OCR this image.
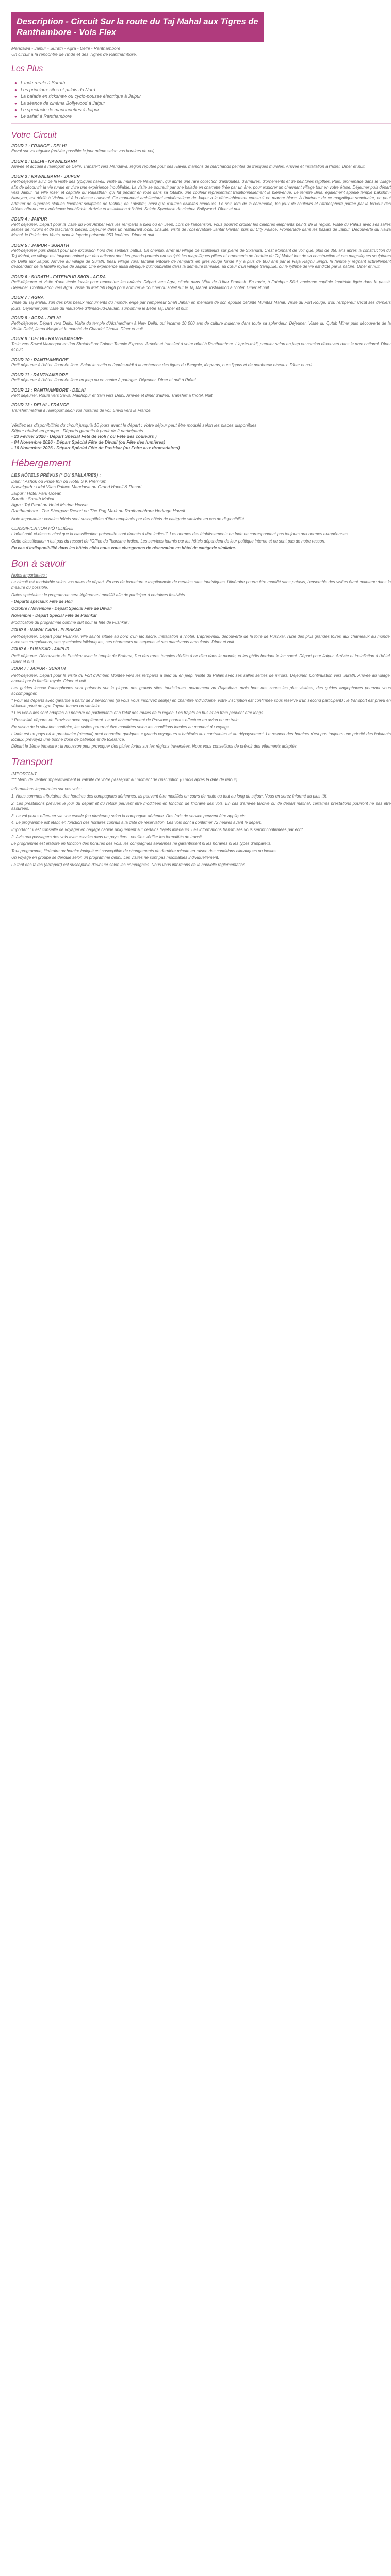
Description - Circuit Sur la route du Taj Mahal aux Tigres de
Ranthambore - Vols Flex
Mandawa - Jaipur - Surath - Agra - Delhi - Ranthambore
Un circuit à la rencontre de l'Inde et des Tigres de Ranthambore.
Les Plus
● L'Inde rurale à Surath
● Les princiaux sites et palais du Nord
● La balade en rickshaw ou cyclo-pousse électrique à Jaipur
● La séance de cinéma Bollywood à Jaipur
● Le spectacle de marionnettes à Jaipur
● Le safari à Ranthambore
Votre Circuit
JOUR 1 : FRANCE - DELHI

Envol sur vol régulier (arrivée possible le jour même selon vos horaires de vol).

JOUR 2 : DELHI - NAWALGARH

Arrivée et accueil à l'aéroport de Delhi. Transfert vers Mandawa, région réputée pour ses Haveli, maisons de marchands peintes de fresques murales. Arrivée et installation à l'hôtel. Dîner et nuit.

JOUR 3 : NAWALGARH - JAIPUR

Petit-déjeuner suivi de la visite des typiques haveli. Visite du musée de Nawalgarh, qui abrite une rare collection d'antiquités, d'armures, d'ornements et de peintures rajpthes. Puis, promenade dans le village afin de découvrir la vie rurale et vivre une expérience inoubliable. La visite se poursuit par une balade en charrette tirée par un âne, pour explorer un charmant village tout en votre étape. Déjeuner puis départ vers Jaipur, "la ville rose" et capitale du Rajasthan, qui fut pedant en rose dans sa totalité, une couleur représentant traditionnellement la bienvenue. Le temple Birla, également appelé temple Lakshmi-Narayan, est dédié à Vishnu et à la déesse Lakshmi. Ce monument architectural emblématique de Jaipur a la détestablement construit en marbre blanc. À l'intérieur de ce magnifique sanctuaire, on peut admirer de superbes statues finement sculptées de Vishnu, de Lakshmi, ainsi que d'autres divinités hindoues. Le soir, lors de la cérémonie, les jeux de couleurs et l'atmosphère portée par la ferveur des fidèles offrent une expérience inoubliable. Arrivée et installation à l'hôtel. Soirée Spectacle de cinéma Bollywood. Dîner et nuit.

JOUR 4 : JAIPUR

Petit déjeuner. Départ pour la visite du Fort Amber vers les remparts à pied ou en Jeep. Lors de l'ascension, vous pourrez croiser les célèbres éléphants peints de la région. Visite du Palais avec ses salles serties de miroirs et de fascinants pièces. Déjeuner dans un restaurant local. Ensuite, visite de l'observatoire Jantar Mantar, puis du City Palace. Promenade dans les bazars de Jaipur. Découverte du Hawa Mahal, le Palais des Vents, dont la façade présente 953 fenêtres. Dîner et nuit.

JOUR 5 : JAIPUR - SURATH

Petit-déjeuner puis départ pour une excursion hors des sentiers battus. En chemin, arrêt au village de sculpteurs sur pierre de Sikandra. C'est étonnant de voir que, plus de 350 ans après la construction du Taj Mahal, ce village est toujours animé par des artisans dont les grands-parents ont sculpté les magnifiques piliers et ornements de l'entrée du Taj Mahal lors de sa construction et ces magnifiques sculptures de Delhi aux Jaïpur. Arrivée au village de Surath, beau village rural familial entouré de remparts en grès rouge fondé il y a plus de 800 ans par le Raja Raghu Singh, la famille y régnant actuellement descendant de la famille royale de Jaipur. Une expérience aussi atypique qu'inoubliable dans la demeure familiale, au cœur d'un village tranquille, où le rythme de vie est dicté par la nature. Dîner et nuit.

JOUR 6 : SURATH - FATEHPUR SIKRI - AGRA

Petit-déjeuner et visite d'une école locale pour rencontrer les enfants. Départ vers Agra, située dans l'État de l'Uttar Pradesh. En route, à Fatehpur Sikri, ancienne capitale impériale figée dans le passé. Déjeuner. Continuation vers Agra. Visite du Mehtab Bagh pour admirer le coucher du soleil sur le Taj Mahal. Installation à l'hôtel. Dîner et nuit.

JOUR 7 : AGRA

Visite du Taj Mahal, l'un des plus beaux monuments du monde, érigé par l'empereur Shah Jahan en mémoire de son épouse défunte Mumtaz Mahal. Visite du Fort Rouge, d'où l'empereur vécut ses derniers jours. Déjeuner puis visite du mausolée d'Itimad-ud-Daulah, surnommé le Bébé Taj. Dîner et nuit.

JOUR 8 : AGRA - DELHI

Petit-déjeuner. Départ vers Delhi. Visite du temple d'Akshardham à New Delhi, qui incarne 10 000 ans de culture indienne dans toute sa splendeur. Déjeuner. Visite du Qutub Minar puis découverte de la Vieille Delhi, Jama Masjid et le marché de Chandni Chowk. Dîner et nuit.

JOUR 9 : DELHI - RANTHAMBORE

Train vers Sawai Madhopur en Jan Shatabdi ou Golden Temple Express. Arrivée et transfert à votre hôtel à Ranthambore. L'après-midi, premier safari en jeep ou camion découvert dans le parc national. Dîner et nuit.

JOUR 10 : RANTHAMBORE

Petit déjeuner à l'hôtel. Journée libre. Safari le matin et l'après-midi à la recherche des tigres du Bengale, léopards, ours lippus et de nombreux oiseaux. Dîner et nuit.

JOUR 11 : RANTHAMBORE

Petit déjeuner à l'hôtel. Journée libre en jeep ou en canter à partager. Déjeuner. Dîner et nuit à l'hôtel.

JOUR 12 : RANTHAMBORE - DELHI

Petit déjeuner. Route vers Sawai Madhopur et train vers Delhi. Arrivée et dîner d'adieu. Transfert à l'hôtel. Nuit.

JOUR 13 : DELHI - FRANCE

Transfert matinal à l'aéroport selon vos horaires de vol. Envol vers la France.

Vérifiez les disponibilités du circuit jusqu'à 10 jours avant le départ : Votre séjour peut être modulé selon les places disponibles.

Séjour réalisé en groupe : Départs garantis à partir de 2 participants.

- 23 Février 2026 - Départ Spécial Fête de Holi ( ou Fête des couleurs )

- 04 Novembre 2026 - Départ Spécial Fête de Diwali (ou Fête des lumières)

- 16 Novembre 2026 - Départ Spécial Fête de Pushkar (ou Foire aux dromadaires)

Hébergement
LES HÔTELS PRÉVUS (* OU SIMILAIRES) :
Delhi : Ashok ou Pride Inn ou Hotel S K Premium
Nawalgarh : Udai Vilas Palace Mandawa ou Grand Haveli & Resort
Jaipur : Hotel Park Ocean
Surath : Surath Mahal
Agra : Taj Pearl ou Hotel Marina House
Ranthambore : The Shergarh Resort ou The Pug Mark ou Ranthambhore Heritage Haveli

Note importante : certains hôtels sont susceptibles d'être remplacés par des hôtels de catégorie similaire en cas de disponibilité.

CLASSIFICATION HÔTELIÈRE

L'hôtel noté ci-dessus ainsi que la classification présentée sont donnés à titre indicatif. Les normes des établissements en Inde ne correspondent pas toujours aux normes européennes.

Cette classification n'est pas du ressort de l'Office du Tourisme Indien. Les services fournis par les hôtels dépendent de leur politique interne et ne sont pas de notre ressort.

En cas d'indisponibilité dans les hôtels cités nous vous changerons de réservation en hôtel de catégorie similaire.

Bon à savoir

Notes importantes :

Le circuit est modulable selon vos dates de départ. En cas de fermeture exceptionnelle de certains sites touristiques, l'itinéraire pourra être modifié sans préavis, l'ensemble des visites étant maintenu dans la mesure du possible.

Dates spéciales : le programme sera légèrement modifié afin de participer à certaines festivités.

- Départs spéciaux Fête de Holi

Octobre / Novembre - Départ Spécial Fête de Diwali

Novembre - Départ Spécial Fête de Pushkar

Modification du programme comme suit pour la fête de Pushkar :

JOUR 5 : NAWALGARH - PUSHKAR

Petit-déjeuner. Départ pour Pushkar, ville sainte située au bord d'un lac sacré. Installation à l'hôtel. L'après-midi, découverte de la foire de Pushkar, l'une des plus grandes foires aux chameaux au monde, avec ses compétitions, ses spectacles folkloriques, ses charmeurs de serpents et ses marchands ambulants. Dîner et nuit.

JOUR 6 : PUSHKAR - JAIPUR

Petit déjeuner. Découverte de Pushkar avec le temple de Brahma, l'un des rares temples dédiés à ce dieu dans le monde, et les ghâts bordant le lac sacré. Départ pour Jaipur. Arrivée et installation à l'hôtel. Dîner et nuit.

JOUR 7 : JAIPUR - SURATH

Petit-déjeuner. Départ pour la visite du Fort d'Amber. Montée vers les remparts à pied ou en jeep. Visite du Palais avec ses salles serties de miroirs. Déjeuner. Continuation vers Surath. Arrivée au village, accueil par la famille royale. Dîner et nuit.

Les guides locaux francophones sont présents sur la plupart des grands sites touristiques, notamment au Rajasthan, mais hors des zones les plus visitées, des guides anglophones pourront vous accompagner.

* Pour les départs avec garantie à partir de 2 personnes (si vous vous inscrivez seul(e) en chambre individuelle, votre inscription est confirmée sous réserve d'un second participant) : le transport est prévu en véhicule privé de type Toyota Innova ou similaire.

* Les véhicules sont adaptés au nombre de participants et à l'état des routes de la région. Les trajets en bus et en train peuvent être longs.

* Possibilité départs de Province avec supplément. Le pré acheminement de Province pourra s'effectuer en avion ou en train.

En raison de la situation sanitaire, les visites pourront être modifiées selon les conditions locales au moment du voyage.

L'Inde est un pays où le prestataire (réceptif) peut connaître quelques « grands voyageurs » habitués aux contraintes et au dépaysement. Le respect des horaires n'est pas toujours une priorité des habitants locaux, prévoyez une bonne dose de patience et de tolérance.

Départ le 3ème trimestre : la mousson peut provoquer des pluies fortes sur les régions traversées. Nous vous conseillons de prévoir des vêtements adaptés.

Transport
IMPORTANT

*** Merci de vérifier impérativement la validité de votre passeport au moment de l'inscription (6 mois après la date de retour).

Informations importantes sur vos vols :

1. Nous sommes tributaires des horaires des compagnies aériennes. Ils peuvent être modifiés en cours de route ou tout au long du séjour. Vous en serez informé au plus tôt.

2. Les prestations prévues le jour du départ et du retour peuvent être modifiées en fonction de l'horaire des vols. En cas d'arrivée tardive ou de départ matinal, certaines prestations pourront ne pas être assurées.

3. Le vol peut s'effectuer via une escale (ou plusieurs) selon la compagnie aérienne. Des frais de service peuvent être appliqués.

4. Le programme est établi en fonction des horaires connus à la date de réservation. Les vols sont à confirmer 72 heures avant le départ.

Important : il est conseillé de voyager en bagage cabine uniquement sur certains trajets intérieurs. Les informations transmises vous seront confirmées par écrit.

2. Avis aux passagers des vols avec escales dans un pays tiers : veuillez vérifier les formalités de transit.

Le programme est élaboré en fonction des horaires des vols, les compagnies aériennes ne garantissent ni les horaires ni les types d'appareils.

Tout programme, itinéraire ou horaire indiqué est susceptible de changements de dernière minute en raison des conditions climatiques ou locales.

Un voyage en groupe se déroule selon un programme défini. Les visites ne sont pas modifiables individuellement.

Le tarif des taxes (aéroport) est susceptible d'évoluer selon les compagnies. Nous vous informons de la nouvelle réglementation.
